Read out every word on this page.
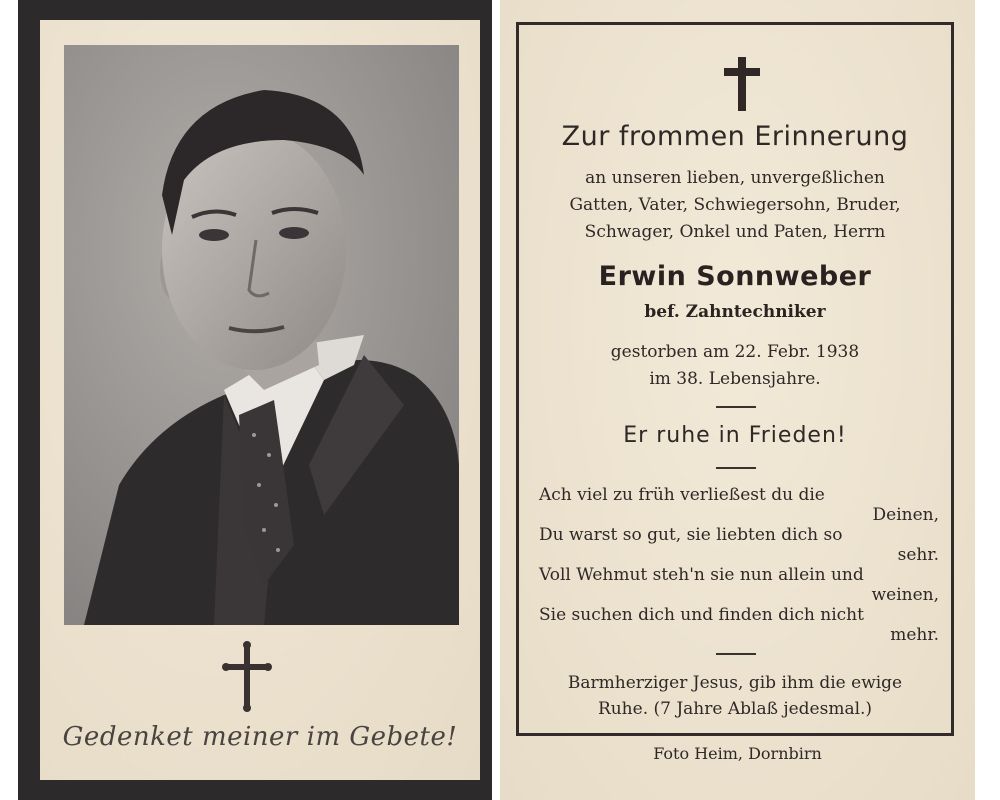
Gedenket meiner im Gebete!
Zur frommen Erinnerung
an unseren lieben, unvergeßlichen
Gatten, Vater, Schwiegersohn, Bruder,
Schwager, Onkel und Paten, Herrn
Erwin Sonnweber
bef. Zahntechniker
gestorben am 22. Febr. 1938
im 38. Lebensjahre.
Er ruhe in Frieden!
Ach viel zu früh verließest du die
Deinen,
Du warst so gut, sie liebten dich so
sehr.
Voll Wehmut steh'n sie nun allein und
weinen,
Sie suchen dich und finden dich nicht
mehr.
Barmherziger Jesus, gib ihm die ewige
Ruhe. (7 Jahre Ablaß jedesmal.)
Foto Heim, Dornbirn
